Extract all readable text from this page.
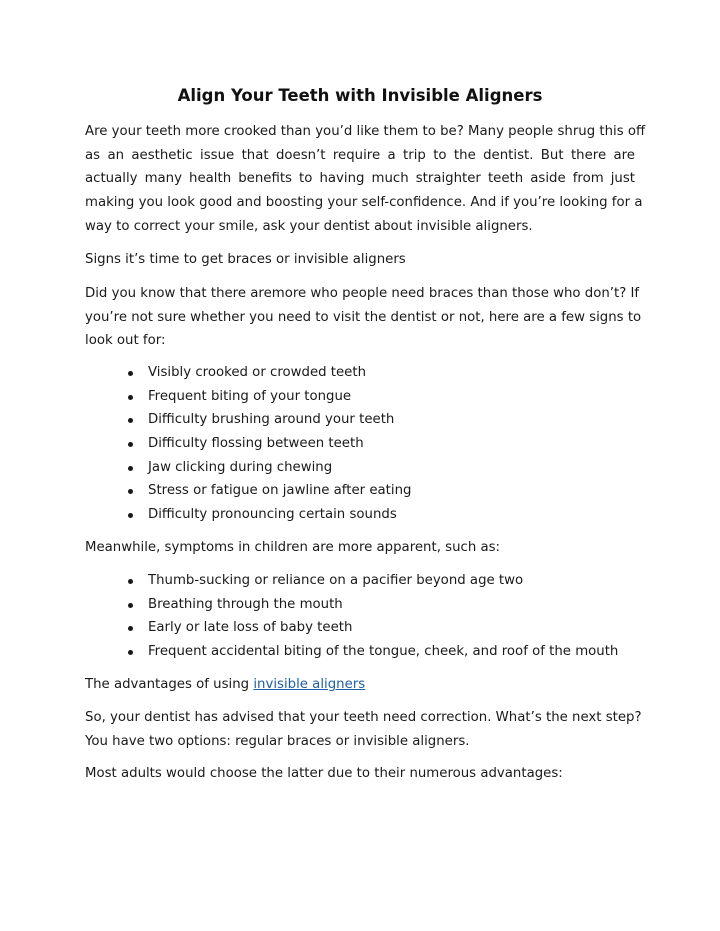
Align Your Teeth with Invisible Aligners

Are your teeth more crooked than you’d like them to be? Many people shrug this off
as an aesthetic issue that doesn’t require a trip to the dentist. But there are
actually many health benefits to having much straighter teeth aside from just
making you look good and boosting your self-confidence. And if you’re looking for a
way to correct your smile, ask your dentist about invisible aligners.

Signs it’s time to get braces or invisible aligners

Did you know that there aremore who people need braces than those who don’t? If
you’re not sure whether you need to visit the dentist or not, here are a few signs to
look out for:

Visibly crooked or crowded teeth
Frequent biting of your tongue
Difficulty brushing around your teeth
Difficulty flossing between teeth
Jaw clicking during chewing
Stress or fatigue on jawline after eating
Difficulty pronouncing certain sounds

Meanwhile, symptoms in children are more apparent, such as:

Thumb-sucking or reliance on a pacifier beyond age two
Breathing through the mouth
Early or late loss of baby teeth
Frequent accidental biting of the tongue, cheek, and roof of the mouth

The advantages of using invisible aligners

So, your dentist has advised that your teeth need correction. What’s the next step?
You have two options: regular braces or invisible aligners.

Most adults would choose the latter due to their numerous advantages:
